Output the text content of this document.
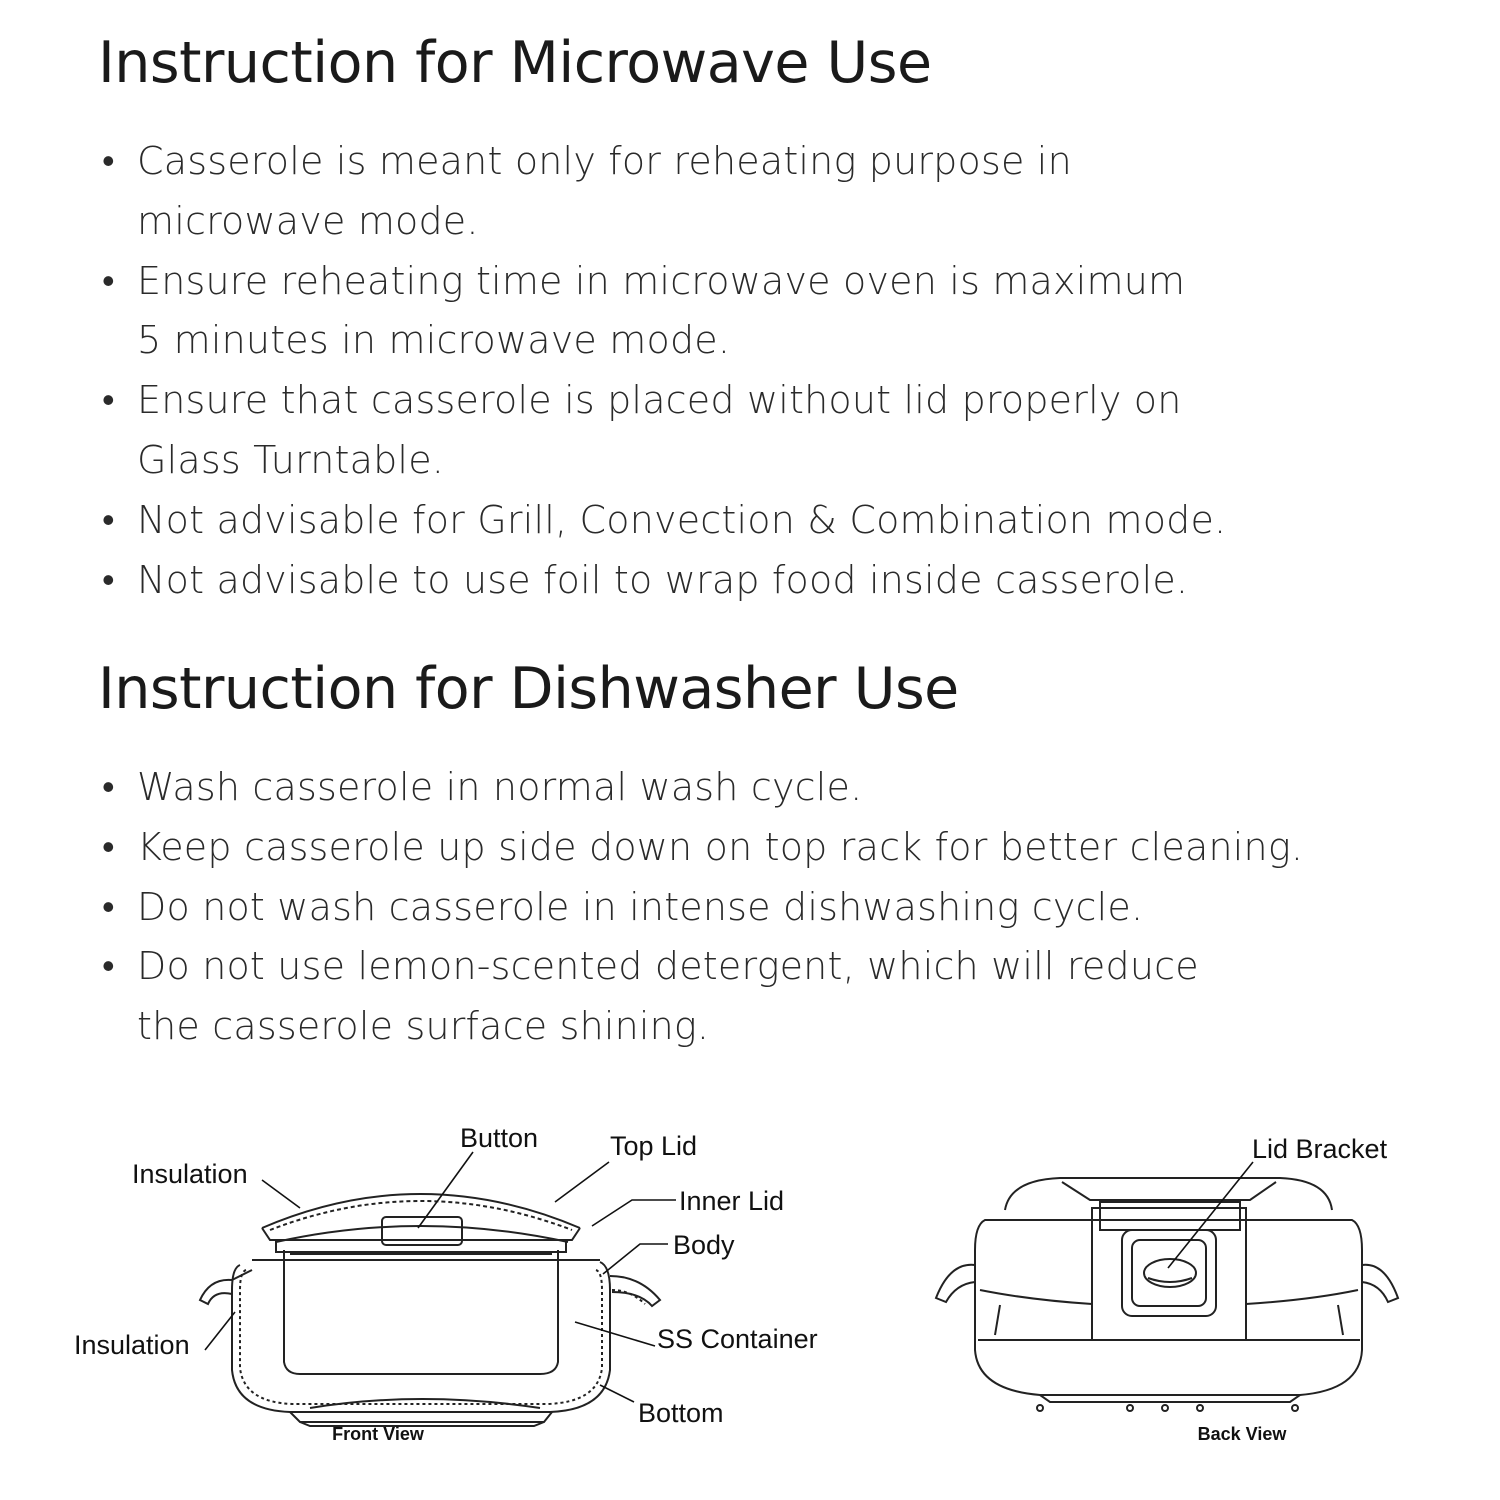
Instruction for Microwave Use
• Casserole is meant only for reheating purpose in
microwave mode.
• Ensure reheating time in microwave oven is maximum
5 minutes in microwave mode.
• Ensure that casserole is placed without lid properly on
Glass Turntable.
• Not advisable for Grill, Convection & Combination mode.
• Not advisable to use foil to wrap food inside casserole.
Instruction for Dishwasher Use
• Wash casserole in normal wash cycle.
• Keep casserole up side down on top rack for better cleaning.
• Do not wash casserole in intense dishwashing cycle.
• Do not use lemon-scented detergent, which will reduce
the casserole surface shining.
Button	Top Lid
Insulation
Inner Lid
Body
Insulation	SS Container
Bottom
Front View
Lid Bracket
Back View
